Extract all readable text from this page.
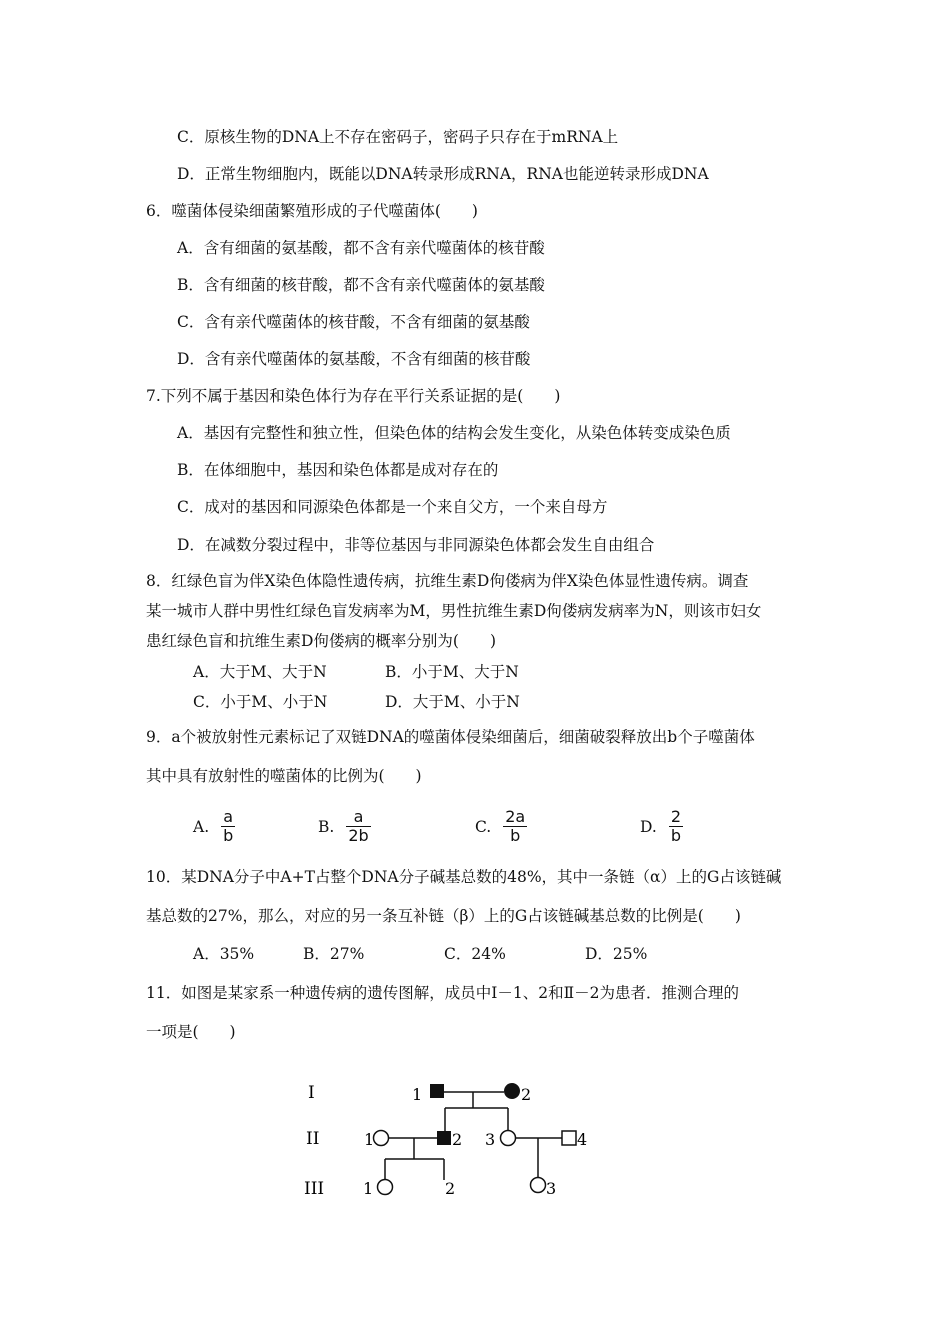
C．原核生物的DNA上不存在密码子，密码子只存在于mRNA上
D．正常生物细胞内，既能以DNA转录形成RNA，RNA也能逆转录形成DNA
6．噬菌体侵染细菌繁殖形成的子代噬菌体(　　)
A．含有细菌的氨基酸，都不含有亲代噬菌体的核苷酸
B．含有细菌的核苷酸，都不含有亲代噬菌体的氨基酸
C．含有亲代噬菌体的核苷酸，不含有细菌的氨基酸
D．含有亲代噬菌体的氨基酸，不含有细菌的核苷酸
7.下列不属于基因和染色体行为存在平行关系证据的是(　　)
A．基因有完整性和独立性，但染色体的结构会发生变化，从染色体转变成染色质
B．在体细胞中，基因和染色体都是成对存在的
C．成对的基因和同源染色体都是一个来自父方，一个来自母方
D．在减数分裂过程中，非等位基因与非同源染色体都会发生自由组合
8．红绿色盲为伴X染色体隐性遗传病，抗维生素D佝偻病为伴X染色体显性遗传病。调查
某一城市人群中男性红绿色盲发病率为M，男性抗维生素D佝偻病发病率为N，则该市妇女
患红绿色盲和抗维生素D佝偻病的概率分别为(　　)
A．大于M、大于N	B．小于M、大于N
C．小于M、小于N	D．大于M、小于N
9．a个被放射性元素标记了双链DNA的噬菌体侵染细菌后，细菌破裂释放出b个子噬菌体
其中具有放射性的噬菌体的比例为(　　)
A. $\frac{a}{b}$	B. $\frac{a}{2b}$	C. $\frac{2a}{b}$	D. $\frac{2}{b}$
10．某DNA分子中A+T占整个DNA分子碱基总数的48%，其中一条链（α）上的G占该链碱
基总数的27%，那么，对应的另一条互补链（β）上的G占该链碱基总数的比例是(　　)
A．35%	B．27%	C．24%	D．25%
11．如图是某家系一种遗传病的遗传图解，成员中Ⅰ－1、2和Ⅱ－2为患者．推测合理的
一项是(　　)
I
II
III
1	2
1	2 3	4
1	2	3
